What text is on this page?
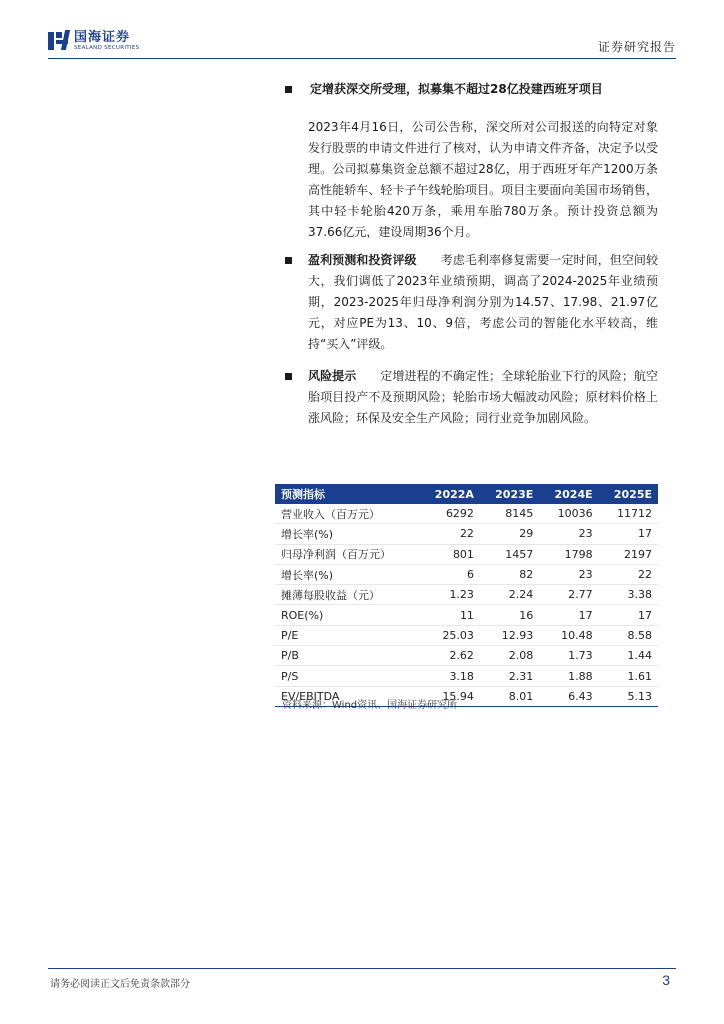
国海证券
SEALAND SECURITIES	证券研究报告
定增获深交所受理，拟募集不超过28亿投建西班牙项目
2023年4月16日，公司公告称，深交所对公司报送的向特定对象发行股票的申请文件进行了核对，认为申请文件齐备，决定予以受理。公司拟募集资金总额不超过28亿，用于西班牙年产1200万条高性能轿车、轻卡子午线轮胎项目。项目主要面向美国市场销售，其中轻卡轮胎420万条，乘用车胎780万条。预计投资总额为37.66亿元，建设周期36个月。
盈利预测和投资评级　　 考虑毛利率修复需要一定时间，但空间较大，我们调低了2023年业绩预期，调高了2024-2025年业绩预期，2023-2025年归母净利润分别为14.57、17.98、21.97亿元，对应PE为13、10、9倍，考虑公司的智能化水平较高，维持“买入”评级。
风险提示　　 定增进程的不确定性；全球轮胎业下行的风险；航空胎项目投产不及预期风险；轮胎市场大幅波动风险；原材料价格上涨风险；环保及安全生产风险；同行业竞争加剧风险。
预测指标	2022A	2023E	2024E	2025E
营业收入（百万元）	6292	8145	10036	11712
增长率(%)	22	29	23	17
归母净利润（百万元）	801	1457	1798	2197
增长率(%)	6	82	23	22
摊薄每股收益（元）	1.23	2.24	2.77	3.38
ROE(%)	11	16	17	17
P/E	25.03	12.93	10.48	8.58
P/B	2.62	2.08	1.73	1.44
P/S	3.18	2.31	1.88	1.61
EV/EBITDA	15.94	8.01	6.43	5.13
资料来源：Wind资讯、国海证券研究所
请务必阅读正文后免责条款部分	3
